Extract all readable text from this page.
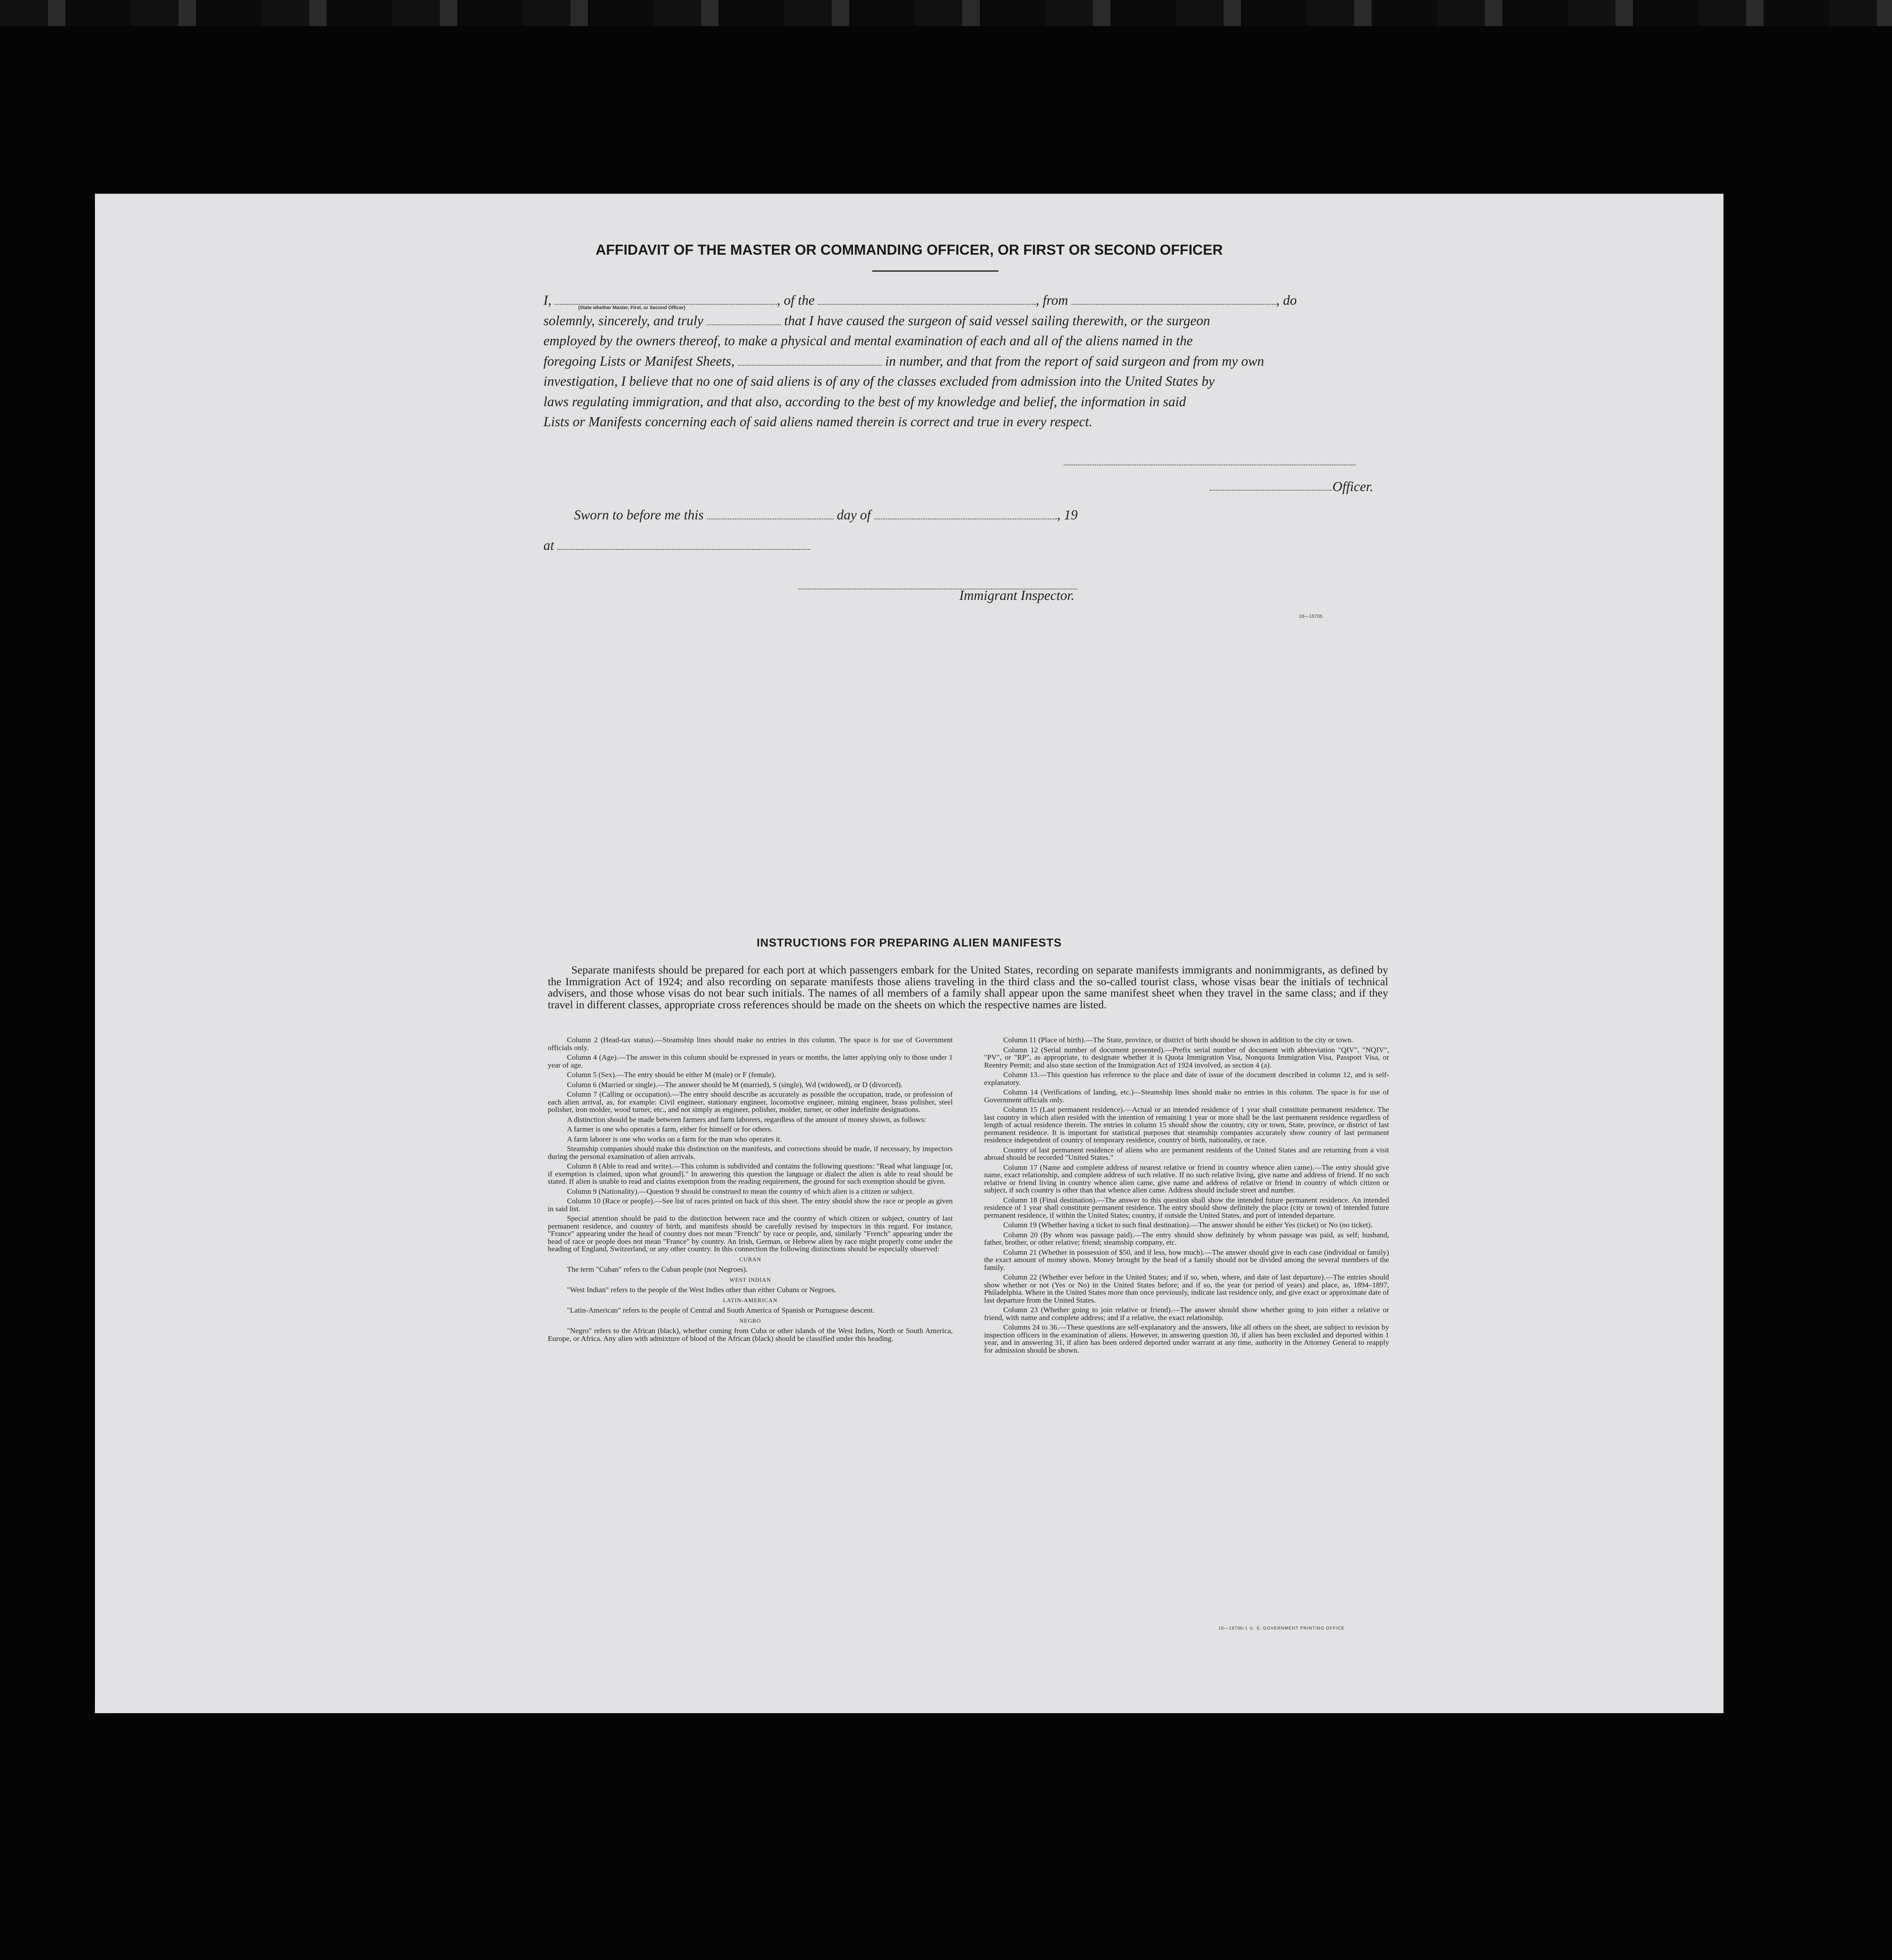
AFFIDAVIT OF THE MASTER OR COMMANDING OFFICER, OR FIRST OR SECOND OFFICER
I,	, of the	, from	, do
solemnly, sincerely, and truly	that I have caused the surgeon of said vessel sailing therewith, or the surgeon
employed by the owners thereof, to make a physical and mental examination of each and all of the aliens named in the
foregoing Lists or Manifest Sheets,	in number, and that from the report of said surgeon and from my own
investigation, I believe that no one of said aliens is of any of the classes excluded from admission into the United States by
laws regulating immigration, and that also, according to the best of my knowledge and belief, the information in said
Lists or Manifests concerning each of said aliens named therein is correct and true in every respect.
(State whether Master, First, or Second Officer)
Officer.
Sworn to before me this	day of	, 19
at
Immigrant Inspector.
16—1870b
INSTRUCTIONS FOR PREPARING ALIEN MANIFESTS
Separate manifests should be prepared for each port at which passengers embark for the United States, recording on separate manifests immigrants and nonimmigrants, as defined by the Immigration Act of 1924; and also recording on separate manifests those aliens traveling in the third class and the so-called tourist class, whose visas bear the initials of technical advisers, and those whose visas do not bear such initials. The names of all members of a family shall appear upon the same manifest sheet when they travel in the same class; and if they travel in different classes, appropriate cross references should be made on the sheets on which the respective names are listed.

Column 2 (Head-tax status).—Steamship lines should make no entries in this column. The space is for use of Government officials only.

Column 4 (Age).—The answer in this column should be expressed in years or months, the latter applying only to those under 1 year of age.

Column 5 (Sex).—The entry should be either M (male) or F (female).

Column 6 (Married or single).—The answer should be M (married), S (single), Wd (widowed), or D (divorced).

Column 7 (Calling or occupation).—The entry should describe as accurately as possible the occupation, trade, or profession of each alien arrival, as, for example: Civil engineer, stationary engineer, locomotive engineer, mining engineer, brass polisher, steel polisher, iron molder, wood turner, etc., and not simply as engineer, polisher, molder, turner, or other indefinite designations.

A distinction should be made between farmers and farm laborers, regardless of the amount of money shown, as follows:

A farmer is one who operates a farm, either for himself or for others.

A farm laborer is one who works on a farm for the man who operates it.

Steamship companies should make this distinction on the manifests, and corrections should be made, if necessary, by inspectors during the personal examination of alien arrivals.

Column 8 (Able to read and write).—This column is subdivided and contains the following questions: "Read what language [or, if exemption is claimed, upon what ground]." In answering this question the language or dialect the alien is able to read should be stated. If alien is unable to read and claims exemption from the reading requirement, the ground for such exemption should be given.

Column 9 (Nationality).—Question 9 should be construed to mean the country of which alien is a citizen or subject.

Column 10 (Race or people).—See list of races printed on back of this sheet. The entry should show the race or people as given in said list.

Special attention should be paid to the distinction between race and the country of which citizen or subject, country of last permanent residence, and country of birth, and manifests should be carefully revised by inspectors in this regard. For instance, "France" appearing under the head of country does not mean "French" by race or people, and, similarly "French" appearing under the head of race or people does not mean "France" by country. An Irish, German, or Hebrew alien by race might properly come under the heading of England, Switzerland, or any other country. In this connection the following distinctions should be especially observed:

CUBAN

The term "Cuban" refers to the Cuban people (not Negroes).

WEST INDIAN

"West Indian" refers to the people of the West Indies other than either Cubans or Negroes.

LATIN-AMERICAN

"Latin-American" refers to the people of Central and South America of Spanish or Portuguese descent.

NEGRO

"Negro" refers to the African (black), whether coming from Cuba or other islands of the West Indies, North or South America, Europe, or Africa. Any alien with admixture of blood of the African (black) should be classified under this heading.

Column 11 (Place of birth).—The State, province, or district of birth should be shown in addition to the city or town.

Column 12 (Serial number of document presented).—Prefix serial number of document with abbreviation "QIV", "NQIV", "PV", or "RP", as appropriate, to designate whether it is Quota Immigration Visa, Nonquota Immigration Visa, Passport Visa, or Reentry Permit; and also state section of the Immigration Act of 1924 involved, as section 4 (a).

Column 13.—This question has reference to the place and date of issue of the document described in column 12, and is self-explanatory.

Column 14 (Verifications of landing, etc.)—Steamship lines should make no entries in this column. The space is for use of Government officials only.

Column 15 (Last permanent residence).—Actual or an intended residence of 1 year shall constitute permanent residence. The last country in which alien resided with the intention of remaining 1 year or more shall be the last permanent residence regardless of length of actual residence therein. The entries in column 15 should show the country, city or town, State, province, or district of last permanent residence. It is important for statistical purposes that steamship companies accurately show country of last permanent residence independent of country of temporary residence, country of birth, nationality, or race.

Country of last permanent residence of aliens who are permanent residents of the United States and are returning from a visit abroad should be recorded "United States."

Column 17 (Name and complete address of nearest relative or friend in country whence alien came).—The entry should give name, exact relationship, and complete address of such relative. If no such relative living, give name and address of friend. If no such relative or friend living in country whence alien came, give name and address of relative or friend in country of which citizen or subject, if such country is other than that whence alien came. Address should include street and number.

Column 18 (Final destination).—The answer to this question shall show the intended future permanent residence. An intended residence of 1 year shall constitute permanent residence. The entry should show definitely the place (city or town) of intended future permanent residence, if within the United States; country, if outside the United States, and port of intended departure.

Column 19 (Whether having a ticket to such final destination).—The answer should be either Yes (ticket) or No (no ticket).

Column 20 (By whom was passage paid).—The entry should show definitely by whom passage was paid, as self; husband, father, brother, or other relative; friend; steamship company, etc.

Column 21 (Whether in possession of $50, and if less, how much).—The answer should give in each case (individual or family) the exact amount of money shown. Money brought by the head of a family should not be divided among the several members of the family.

Column 22 (Whether ever before in the United States; and if so, when, where, and date of last departure).—The entries should show whether or not (Yes or No) in the United States before; and if so, the year (or period of years) and place, as, 1894–1897, Philadelphia. Where in the United States more than once previously, indicate last residence only, and give exact or approximate date of last departure from the United States.

Column 23 (Whether going to join relative or friend).—The answer should show whether going to join either a relative or friend, with name and complete address; and if a relative, the exact relationship.

Columns 24 to 36.—These questions are self-explanatory and the answers, like all others on the sheet, are subject to revision by inspection officers in the examination of aliens. However, in answering question 30, if alien has been excluded and deported within 1 year, and in answering 31, if alien has been ordered deported under warrant at any time, authority in the Attorney General to reapply for admission should be shown.

16—1870b-1 U. S. GOVERNMENT PRINTING OFFICE
